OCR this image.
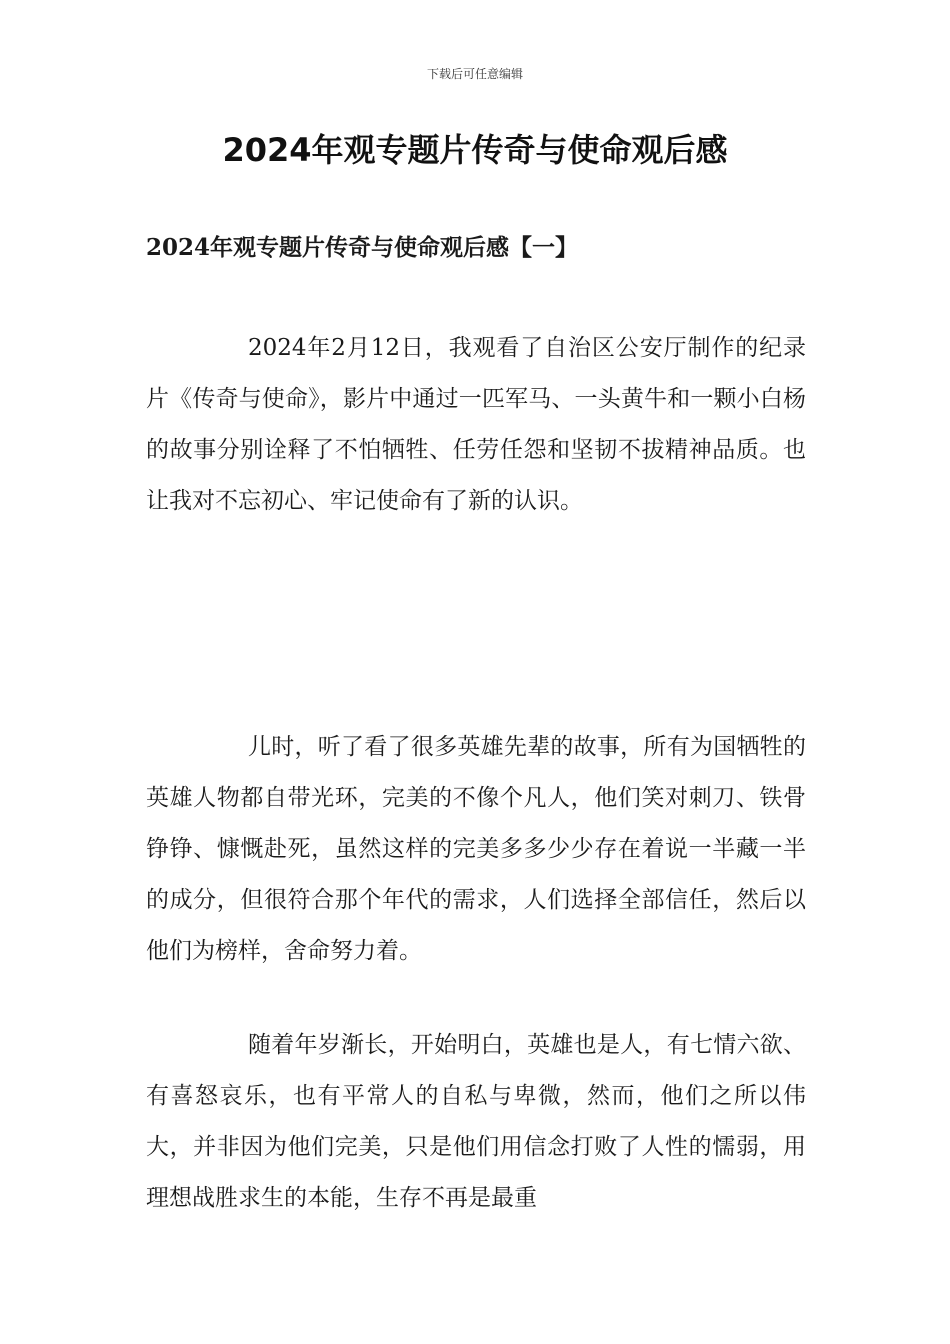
下载后可任意编辑
2024年观专题片传奇与使命观后感
2024年观专题片传奇与使命观后感【一】

2024年2月12日，我观看了自治区公安厅制作的纪录片《传奇与使命》，影片中通过一匹军马、一头黄牛和一颗小白杨的故事分别诠释了不怕牺牲、任劳任怨和坚韧不拔精神品质。也让我对不忘初心、牢记使命有了新的认识。

儿时，听了看了很多英雄先辈的故事，所有为国牺牲的英雄人物都自带光环，完美的不像个凡人，他们笑对刺刀、铁骨铮铮、慷慨赴死，虽然这样的完美多多少少存在着说一半藏一半的成分，但很符合那个年代的需求，人们选择全部信任，然后以他们为榜样，舍命努力着。

随着年岁渐长，开始明白，英雄也是人，有七情六欲、有喜怒哀乐，也有平常人的自私与卑微，然而，他们之所以伟大，并非因为他们完美，只是他们用信念打败了人性的懦弱，用理想战胜求生的本能，生存不再是最重
